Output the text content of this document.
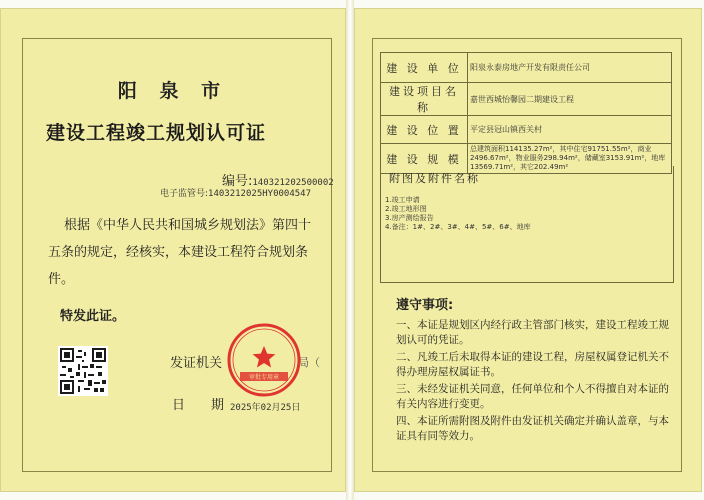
阳 泉 市
建设工程竣工规划认可证
编号:140321202500002
电子监管号:1403212025HY0004547
根据《中华人民共和国城乡规划法》第四十五条的规定，经核实，本建设工程符合规划条件。
特发此证。
发证机关	局（
日　　期 2025年02月25日
审批专用章
建 设 单 位	阳泉永泰房地产开发有限责任公司
建设项目名称	嘉世西城怡馨园二期建设工程
建 设 位 置	平定县冠山镇西关村
建 设 规 模	总建筑面积114135.27m²，其中住宅91751.55m²，商业2496.67m²，物业服务298.94m²，储藏室3153.91m²，地库13569.71m²，其它202.49m²
附图及附件名称
1.竣工申请
2.竣工地形图
3.房产测绘报告
4.备注：1#、2#、3#、4#、5#、6#、地库
遵守事项:
一、本证是规划区内经行政主管部门核实，建设工程竣工规划认可的凭证。
二、凡竣工后未取得本证的建设工程，房屋权属登记机关不得办理房屋权属证书。
三、未经发证机关同意，任何单位和个人不得擅自对本证的有关内容进行变更。
四、本证所需附图及附件由发证机关确定并确认盖章，与本证具有同等效力。
